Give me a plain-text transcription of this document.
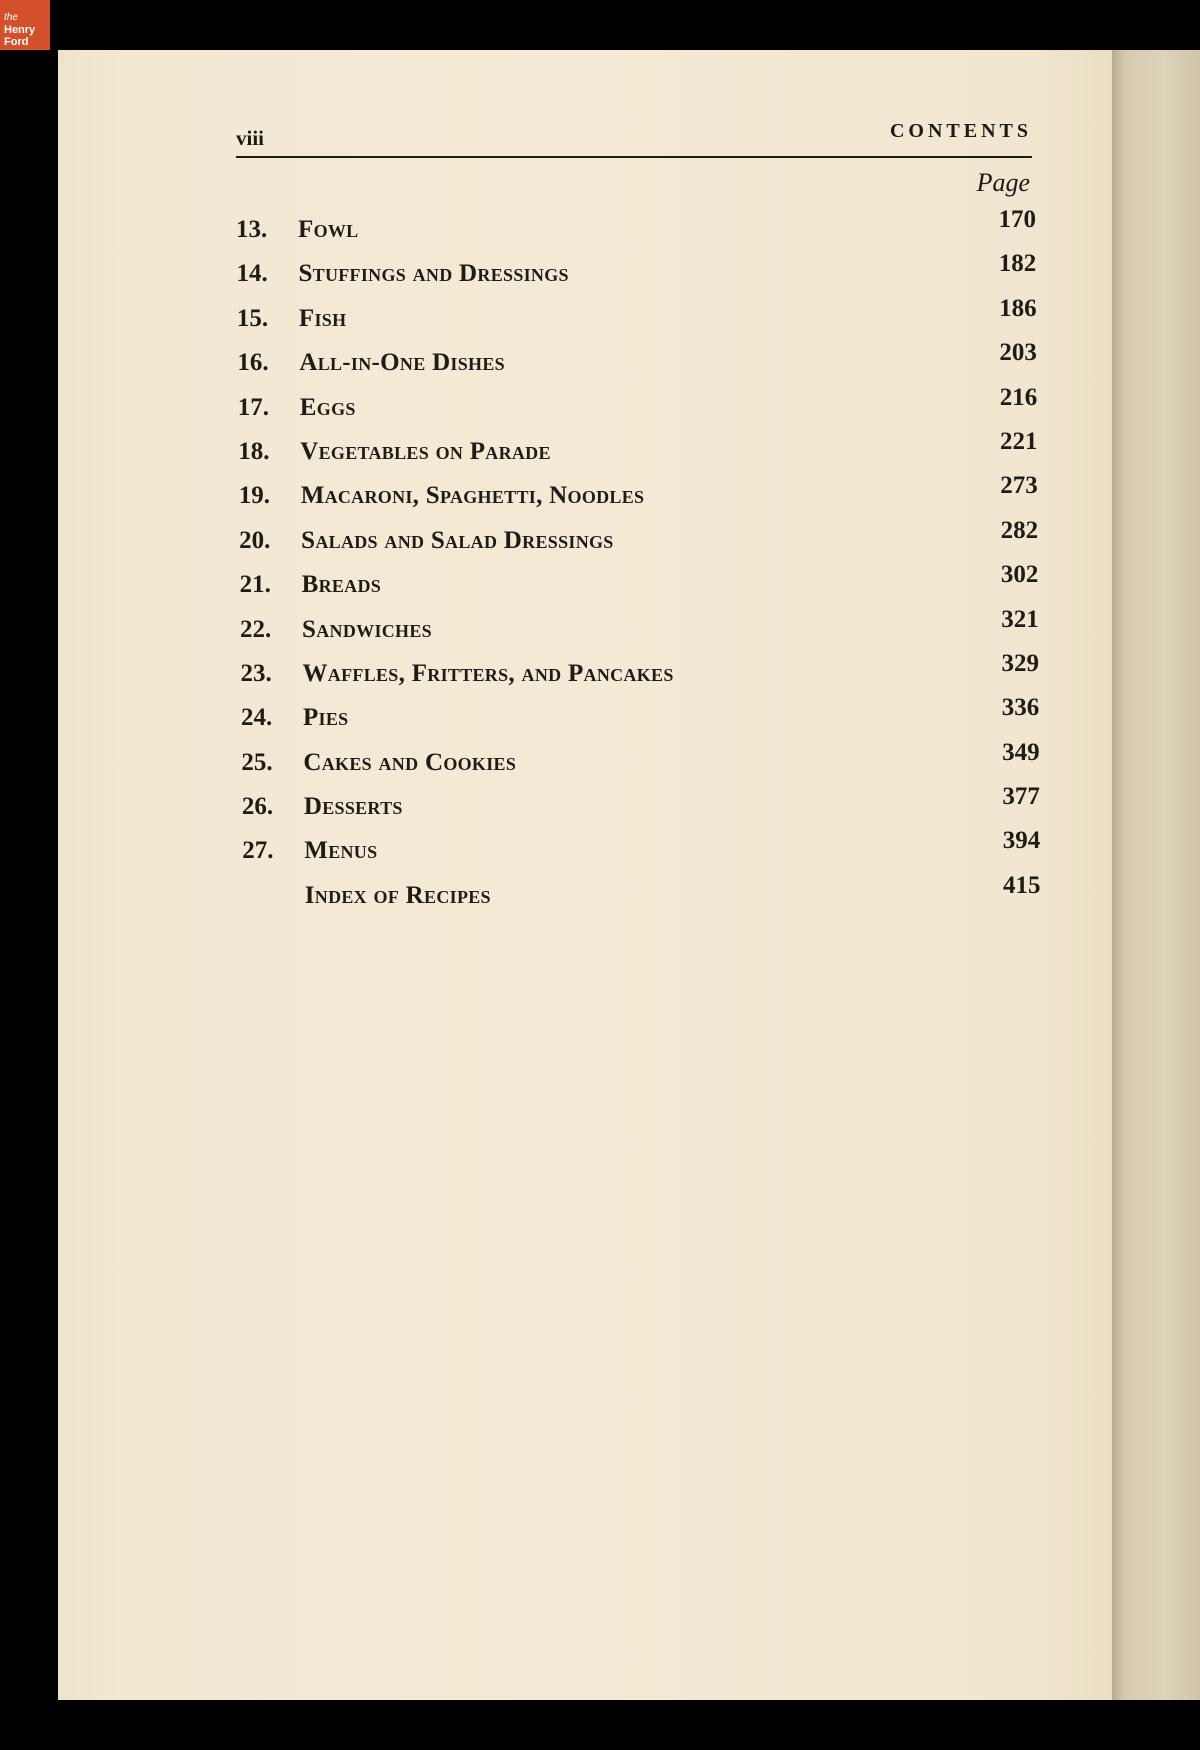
the
Henry
Ford
viii	CONTENTS
Page
13. Fowl	170
14. Stuffings and Dressings	182
15. Fish	186
16. All-in-One Dishes	203
17. Eggs	216
18. Vegetables on Parade	221
19. Macaroni, Spaghetti, Noodles	273
20. Salads and Salad Dressings	282
21. Breads	302
22. Sandwiches	321
23. Waffles, Fritters, and Pancakes	329
24. Pies	336
25. Cakes and Cookies	349
26. Desserts	377
27. Menus	394
Index of Recipes	415
